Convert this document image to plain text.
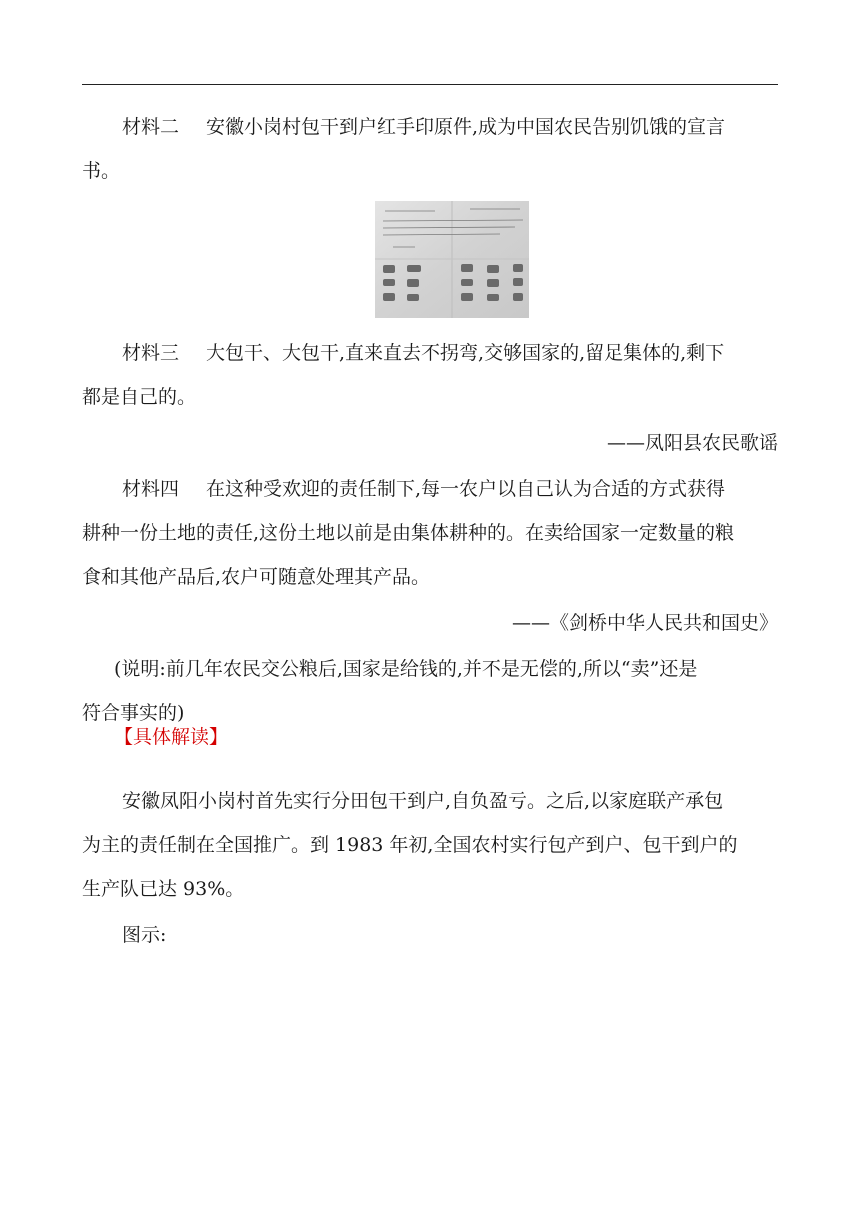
材料二 安徽小岗村包干到户红手印原件,成为中国农民告别饥饿的宣言

书。

材料三 大包干、大包干,直来直去不拐弯,交够国家的,留足集体的,剩下

都是自己的。

——凤阳县农民歌谣

材料四 在这种受欢迎的责任制下,每一农户以自己认为合适的方式获得

耕种一份土地的责任,这份土地以前是由集体耕种的。在卖给国家一定数量的粮

食和其他产品后,农户可随意处理其产品。

——《剑桥中华人民共和国史》

(说明:前几年农民交公粮后,国家是给钱的,并不是无偿的,所以“卖”还是

符合事实的)

【具体解读】

安徽凤阳小岗村首先实行分田包干到户,自负盈亏。之后,以家庭联产承包

为主的责任制在全国推广。到 1983 年初,全国农村实行包产到户、包干到户的

生产队已达 93%。

图示:
